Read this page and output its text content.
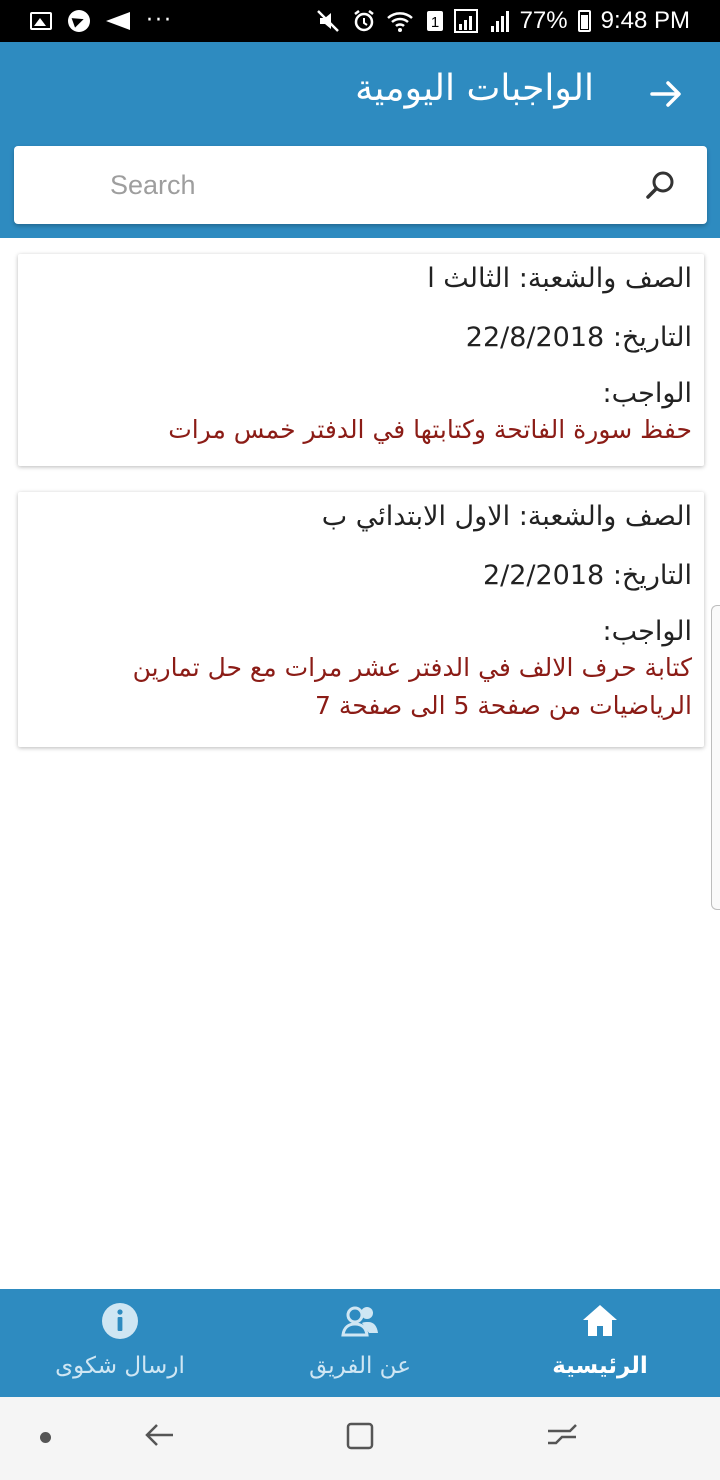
···	1	77% 9:48 PM
الواجبات اليومية
Search
الصف والشعبة: الثالث ا
التاريخ: 22/8/2018
الواجب:
حفظ سورة الفاتحة وكتابتها في الدفتر خمس مرات
الصف والشعبة: الاول الابتدائي ب
التاريخ: 2/2/2018
الواجب:
كتابة حرف الالف في الدفتر عشر مرات مع حل تمارين
الرياضيات من صفحة 5 الى صفحة 7
ارسال شكوى	عن الفريق	الرئيسية
